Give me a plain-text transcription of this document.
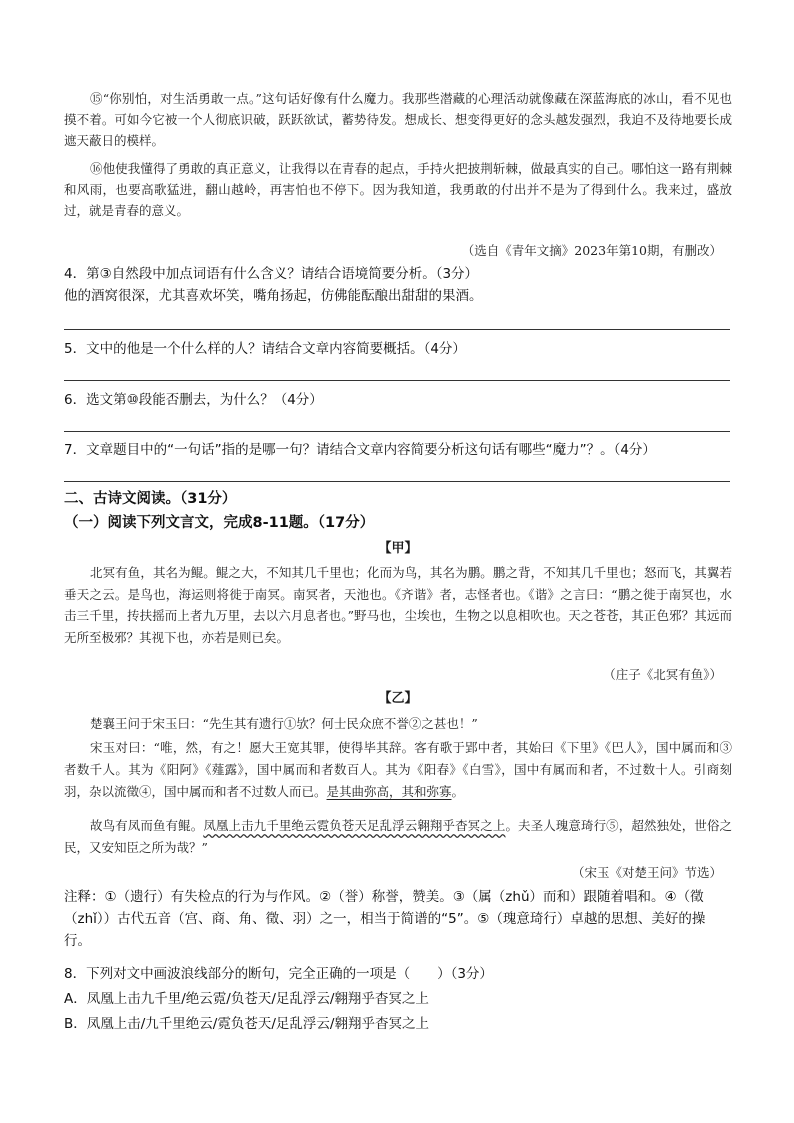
⑮“你别怕，对生活勇敢一点。”这句话好像有什么魔力。我那些潜藏的心理活动就像藏在深蓝海底的冰山，看不见也摸不着。可如今它被一个人彻底识破，跃跃欲试，蓄势待发。想成长、想变得更好的念头越发强烈，我迫不及待地要长成遮天蔽日的模样。

⑯他使我懂得了勇敢的真正意义，让我得以在青春的起点，手持火把披荆斩棘，做最真实的自己。哪怕这一路有荆棘和风雨，也要高歌猛进，翻山越岭，再害怕也不停下。因为我知道，我勇敢的付出并不是为了得到什么。我来过，盛放过，就是青春的意义。

（选自《青年文摘》2023年第10期，有删改）

4．第③自然段中加点词语有什么含义？请结合语境简要分析。（3分）

他的酒窝很深，尤其喜欢坏笑，嘴角扬起，仿佛能酝酿出甜甜的果酒。

5．文中的他是一个什么样的人？请结合文章内容简要概括。（4分）

6．选文第⑩段能否删去，为什么？（4分）

7．文章题目中的“一句话”指的是哪一句？请结合文章内容简要分析这句话有哪些“魔力”？。（4分）

二、古诗文阅读。（31分）

（一）阅读下列文言文，完成8-11题。（17分）

【甲】

北冥有鱼，其名为鲲。鲲之大，不知其几千里也；化而为鸟，其名为鹏。鹏之背，不知其几千里也；怒而飞，其翼若垂天之云。是鸟也，海运则将徙于南冥。南冥者，天池也。《齐谐》者，志怪者也。《谐》之言曰：“鹏之徙于南冥也，水击三千里，抟扶摇而上者九万里，去以六月息者也。”野马也，尘埃也，生物之以息相吹也。天之苍苍，其正色邪？其远而无所至极邪？其视下也，亦若是则已矣。

（庄子《北冥有鱼》）

【乙】

楚襄王问于宋玉曰：“先生其有遗行①欤？何士民众庶不誉②之甚也！”

宋玉对曰：“唯，然，有之！愿大王宽其罪，使得毕其辞。客有歌于郢中者，其始曰《下里》《巴人》，国中属而和③者数千人。其为《阳阿》《薤露》，国中属而和者数百人。其为《阳春》《白雪》，国中有属而和者，不过数十人。引商刻羽，杂以流徵④，国中属而和者不过数人而已。是其曲弥高，其和弥寡。

故鸟有凤而鱼有鲲。凤凰上击九千里绝云霓负苍天足乱浮云翱翔乎杳冥之上。夫圣人瑰意琦行⑤，超然独处，世俗之民，又安知臣之所为哉？”

（宋玉《对楚王问》节选）

注释：①（遗行）有失检点的行为与作风。②（誉）称誉，赞美。③（属（zhǔ）而和）跟随着唱和。④（徵（zhǐ））古代五音（宫、商、角、徵、羽）之一，相当于简谱的“5”。⑤（瑰意琦行）卓越的思想、美好的操行。

8．下列对文中画波浪线部分的断句，完全正确的一项是（　　）（3分）

A．凤凰上击九千里/绝云霓/负苍天/足乱浮云/翱翔乎杳冥之上

B．凤凰上击/九千里绝云/霓负苍天/足乱浮云/翱翔乎杳冥之上
